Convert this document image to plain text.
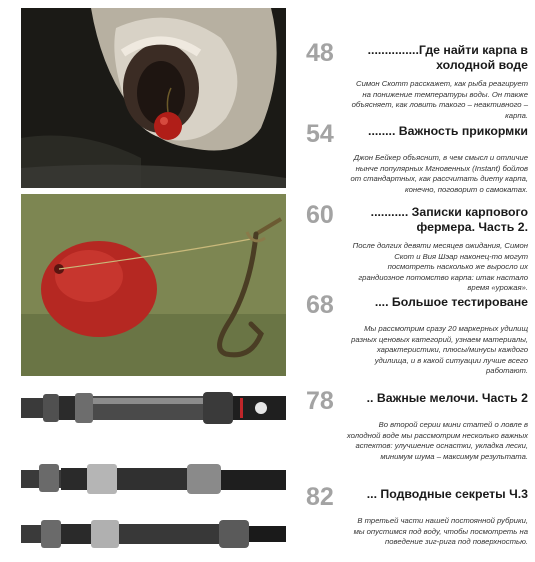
48	...............Где найти карпа в холодной воде
Симон Скотт расскажет, как рыба реагирует на понижение температуры воды. Он также объясняет, как ловить такого – неактивного – карпа.
54	........ Важность прикормки
Джон Бейкер объяснит, в чем смысл и отличие нынче популярных Мгновенных (Instant) бойлов от стандартных, как рассчитать диету карпа, конечно, поговорит о самокатах.
60	........... Записки карпового фермера. Часть 2.
После долгих девяти месяцев ожидания, Симон Скот и Вия Шэар наконец-то могут посмотреть насколько же выросло их грандиозное потомство карпа: итак настало время «урожая».
68	.... Большое тестироване
Мы рассмотрим сразу 20 маркерных удилищ разных ценовых категорий, узнаем материалы, характеристики, плюсы/минусы каждого удилища, и в какой ситуации лучше всего работают.
78	.. Важные мелочи. Часть 2
Во второй серии мини статей о ловле в холодной воде мы рассмотрим несколько важных аспектов: улучшение оснастки, укладка лески, минимум шума – максимум результата.
82	... Подводные секреты Ч.3
В третьей части нашей постоянной рубрики, мы опустимся под воду, чтобы посмотреть на поведение зиг-рига под поверхностью.
